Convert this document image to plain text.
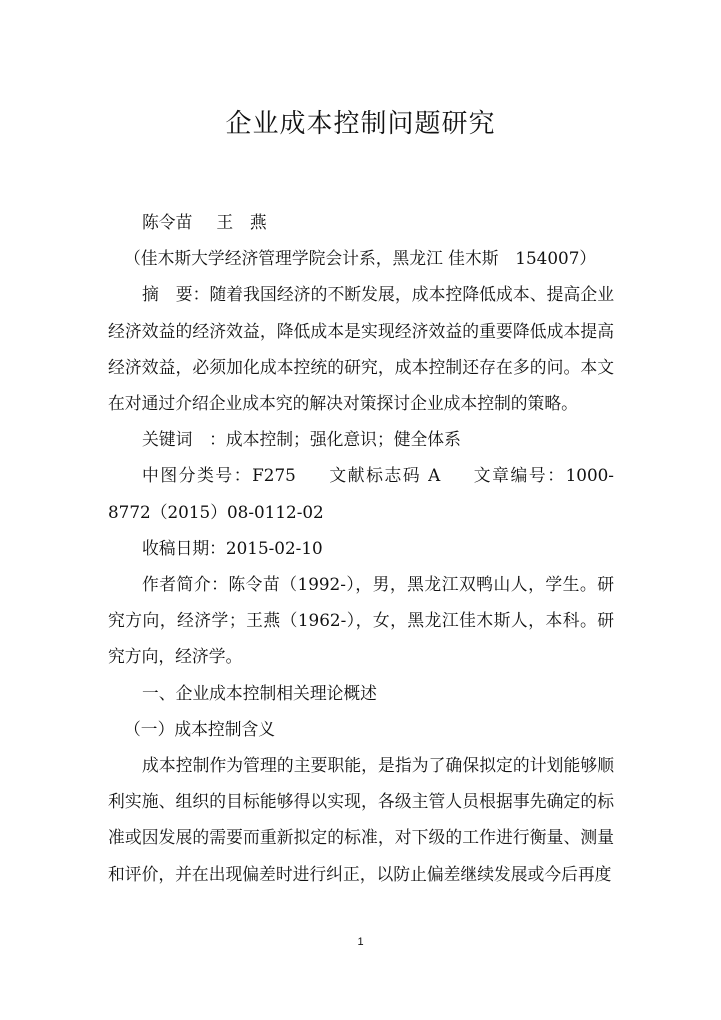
企业成本控制问题研究

陈令苗 王　燕

（佳木斯大学经济管理学院会计系，黑龙江 佳木斯　154007）

摘　要：随着我国经济的不断发展，成本控降低成本、提高企业经济效益的经济效益，降低成本是实现经济效益的重要降低成本提高经济效益，必须加化成本控统的研究，成本控制还存在多的问。本文在对通过介绍企业成本究的解决对策探讨企业成本控制的策略。

关键词　：成本控制；强化意识；健全体系

中图分类号：F275 文献标志码 A 文章编号：1000-8772（2015）08-0112-02

收稿日期：2015-02-10

作者简介：陈令苗（1992-），男，黑龙江双鸭山人，学生。研究方向，经济学；王燕（1962-），女，黑龙江佳木斯人，本科。研究方向，经济学。

一、企业成本控制相关理论概述

（一）成本控制含义

成本控制作为管理的主要职能，是指为了确保拟定的计划能够顺利实施、组织的目标能够得以实现，各级主管人员根据事先确定的标准或因发展的需要而重新拟定的标准，对下级的工作进行衡量、测量和评价，并在出现偏差时进行纠正，以防止偏差继续发展或今后再度

1
